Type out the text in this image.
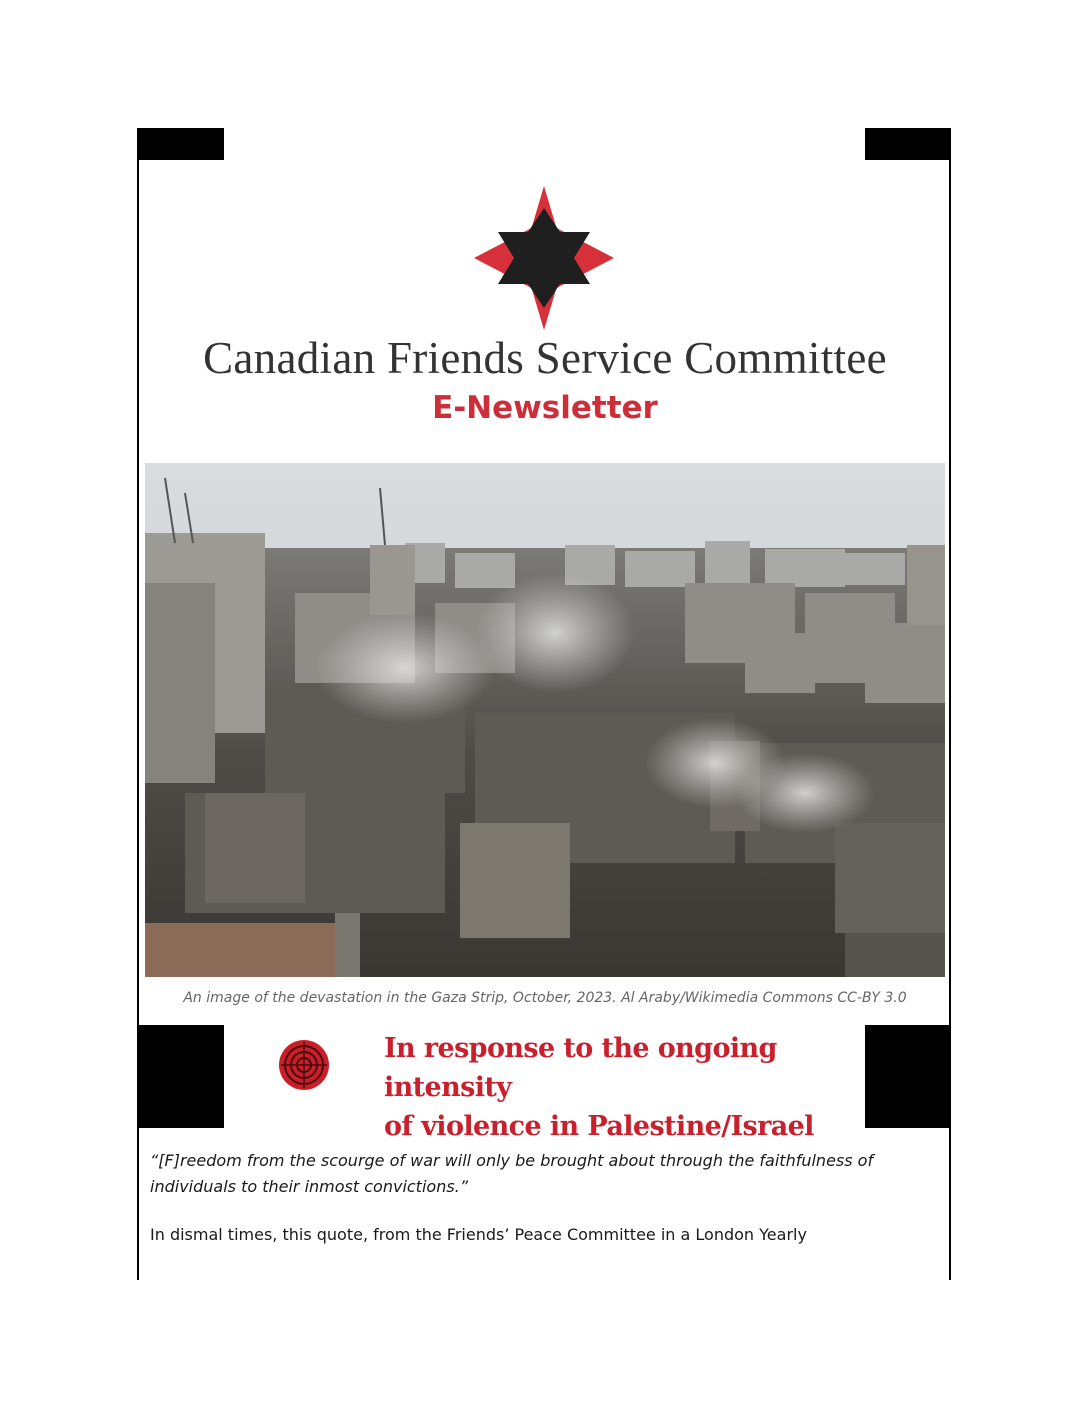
Canadian Friends Service Committee
E-Newsletter
An image of the devastation in the Gaza Strip, October, 2023. Al Araby/Wikimedia Commons CC-BY 3.0
In response to the ongoing intensity
of violence in Palestine/Israel
“[F]reedom from the scourge of war will only be brought about through the faithfulness of
individuals to their inmost convictions.”
In dismal times, this quote, from the Friends’ Peace Committee in a London Yearly
